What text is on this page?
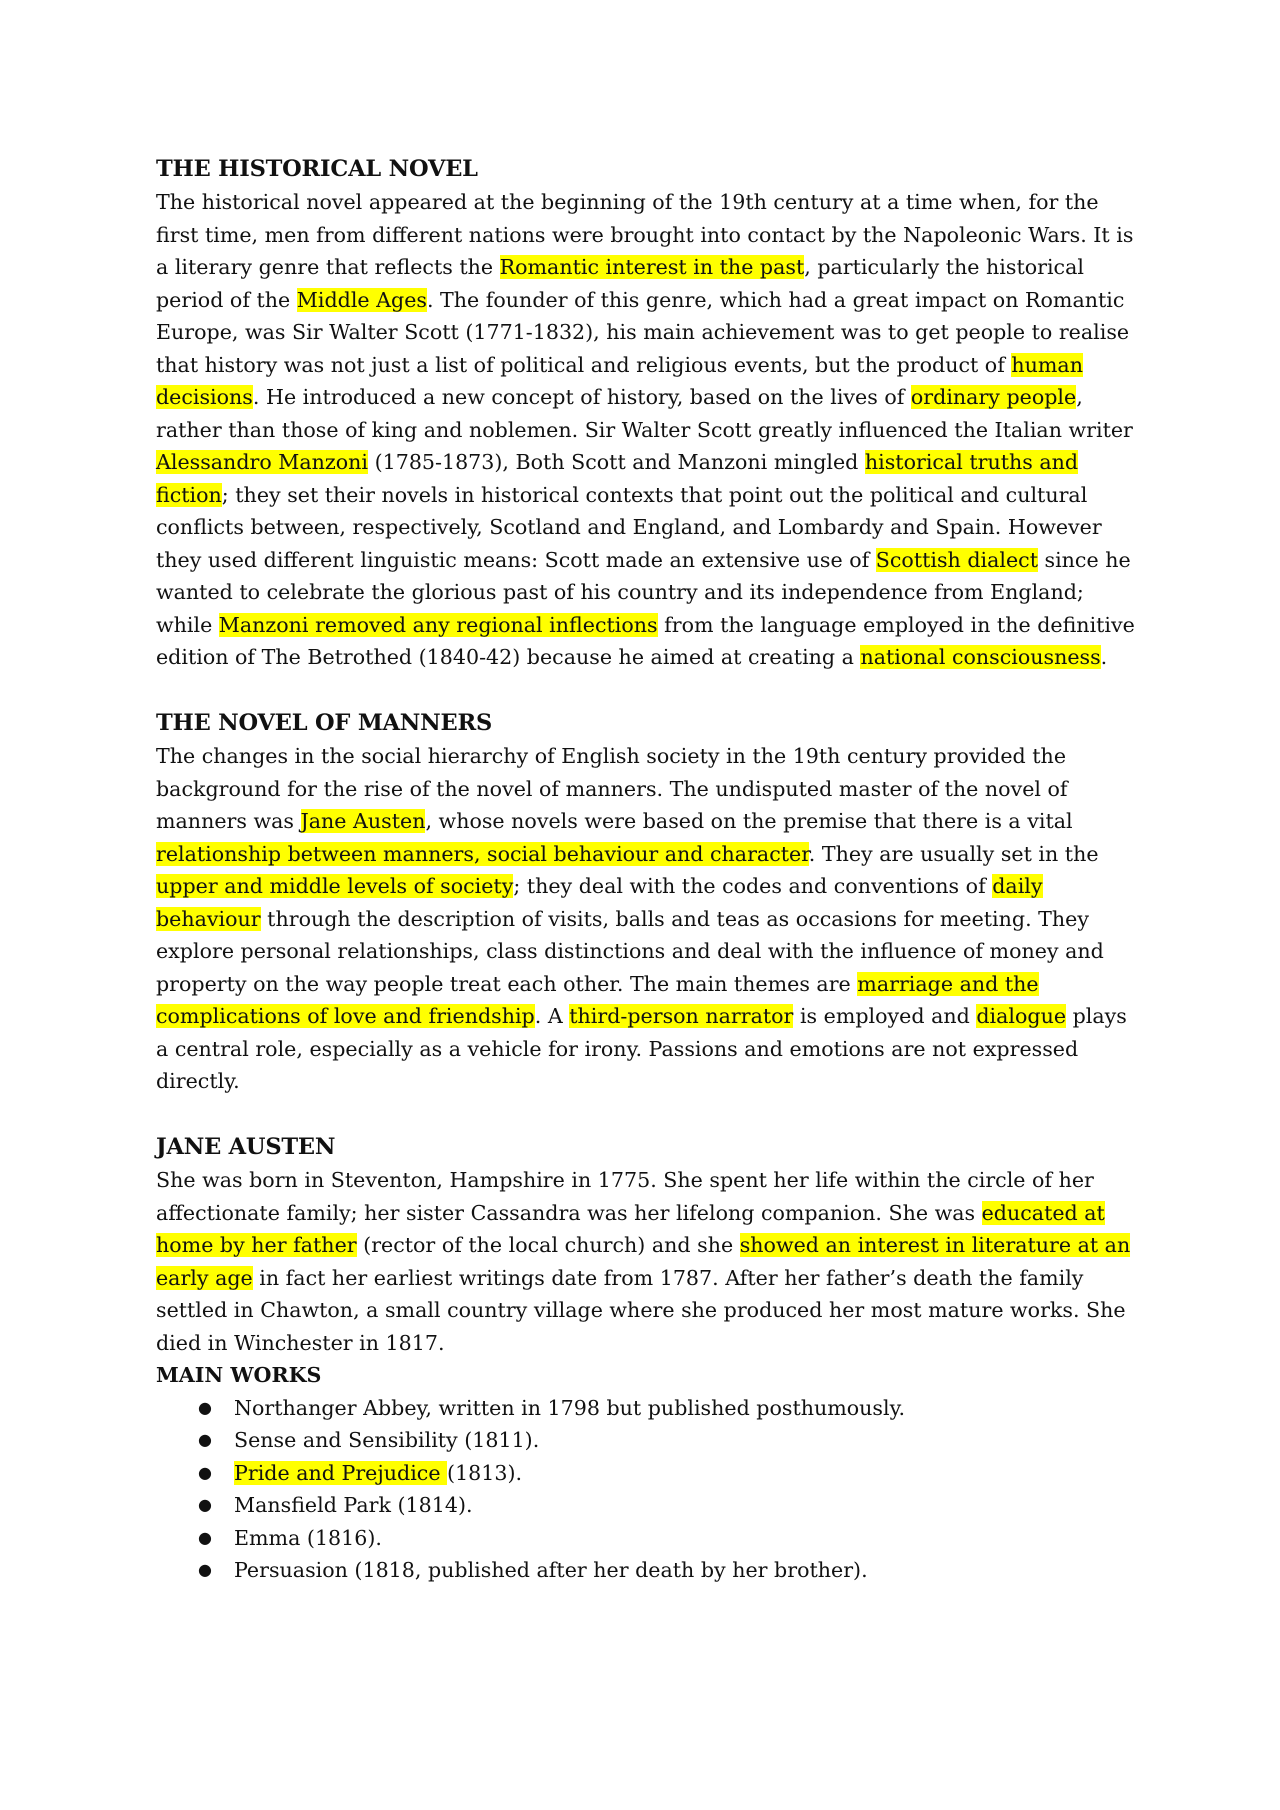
THE HISTORICAL NOVEL

The historical novel appeared at the beginning of the 19th century at a time when, for the first time, men from different nations were brought into contact by the Napoleonic Wars. It is a literary genre that reflects the Romantic interest in the past, particularly the historical period of the Middle Ages. The founder of this genre, which had a great impact on Romantic Europe, was Sir Walter Scott (1771-1832), his main achievement was to get people to realise that history was not just a list of political and religious events, but the product of human decisions. He introduced a new concept of history, based on the lives of ordinary people, rather than those of king and noblemen. Sir Walter Scott greatly influenced the Italian writer Alessandro Manzoni (1785-1873), Both Scott and Manzoni mingled historical truths and fiction; they set their novels in historical contexts that point out the political and cultural conflicts between, respectively, Scotland and England, and Lombardy and Spain. However they used different linguistic means: Scott made an extensive use of Scottish dialect since he wanted to celebrate the glorious past of his country and its independence from England; while Manzoni removed any regional inflections from the language employed in the definitive edition of The Betrothed (1840-42) because he aimed at creating a national consciousness.

THE NOVEL OF MANNERS

The changes in the social hierarchy of English society in the 19th century provided the background for the rise of the novel of manners. The undisputed master of the novel of manners was Jane Austen, whose novels were based on the premise that there is a vital relationship between manners, social behaviour and character. They are usually set in the upper and middle levels of society; they deal with the codes and conventions of daily behaviour through the description of visits, balls and teas as occasions for meeting. They explore personal relationships, class distinctions and deal with the influence of money and property on the way people treat each other. The main themes are marriage and the complications of love and friendship. A third-person narrator is employed and dialogue plays a central role, especially as a vehicle for irony. Passions and emotions are not expressed directly.

JANE AUSTEN

She was born in Steventon, Hampshire in 1775. She spent her life within the circle of her affectionate family; her sister Cassandra was her lifelong companion. She was educated at home by her father (rector of the local church) and she showed an interest in literature at an early age in fact her earliest writings date from 1787. After her father’s death the family settled in Chawton, a small country village where she produced her most mature works. She died in Winchester in 1817.

MAIN WORKS
● Northanger Abbey, written in 1798 but published posthumously.
● Sense and Sensibility (1811).
● Pride and Prejudice (1813).
● Mansfield Park (1814).
● Emma (1816).
● Persuasion (1818, published after her death by her brother).
